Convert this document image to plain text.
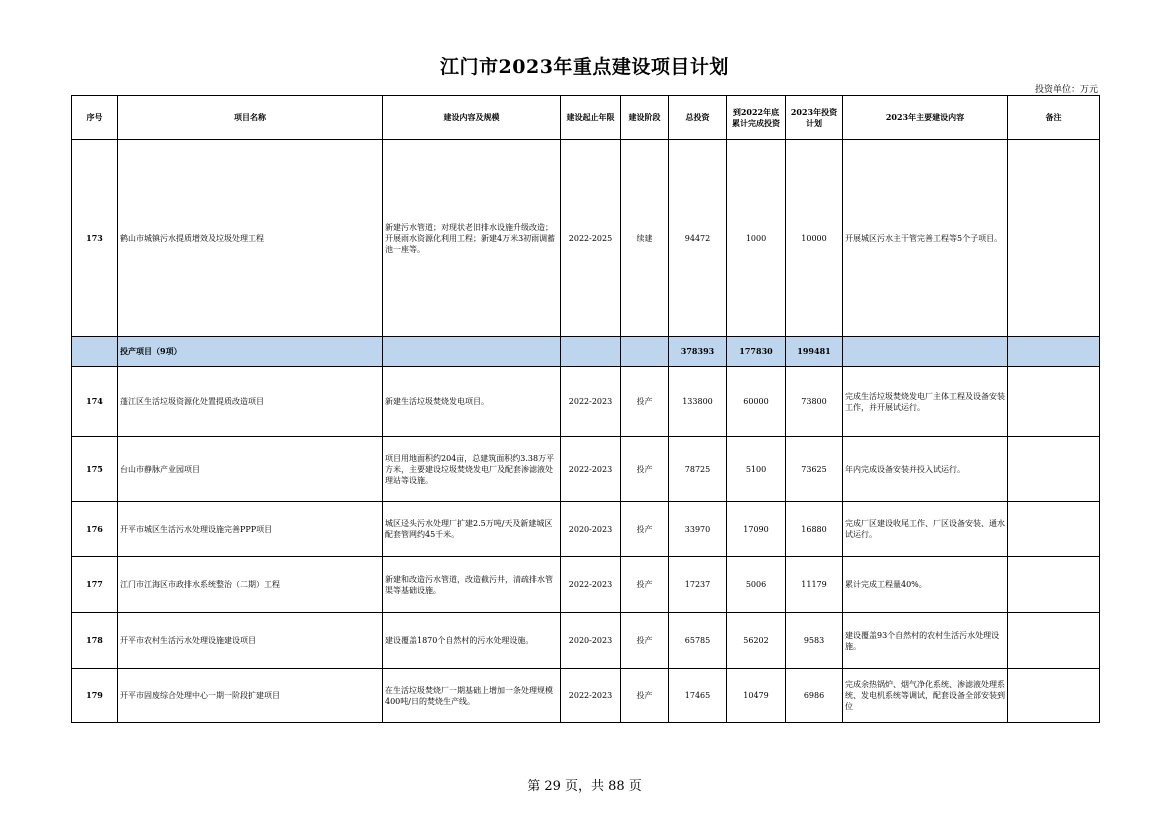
江门市2023年重点建设项目计划
投资单位：万元
序号	项目名称	建设内容及规模	建设起止年限	建设阶段	总投资	到2022年底累计完成投资	2023年投资计划	2023年主要建设内容	备注
173	鹤山市城镇污水提质增效及垃圾处理工程	新建污水管道；对现状老旧排水设施升级改造；开展雨水资源化利用工程；新建4万米3初雨调蓄池一座等。	2022-2025	续建	94472	1000	10000	开展城区污水主干管完善工程等5个子项目。	
	投产项目（9项）				378393	177830	199481		
174	蓬江区生活垃圾资源化处置提质改造项目	新建生活垃圾焚烧发电项目。	2022-2023	投产	133800	60000	73800	完成生活垃圾焚烧发电厂主体工程及设备安装工作，并开展试运行。	
175	台山市静脉产业园项目	项目用地面积约204亩，总建筑面积约3.38万平方米，主要建设垃圾焚烧发电厂及配套渗滤液处理站等设施。	2022-2023	投产	78725	5100	73625	年内完成设备安装并投入试运行。	
176	开平市城区生活污水处理设施完善PPP项目	城区迳头污水处理厂扩建2.5万吨/天及新建城区配套管网约45千米。	2020-2023	投产	33970	17090	16880	完成厂区建设收尾工作、厂区设备安装、通水试运行。	
177	江门市江海区市政排水系统整治（二期）工程	新建和改造污水管道，改造截污井，清疏排水管渠等基础设施。	2022-2023	投产	17237	5006	11179	累计完成工程量40%。	
178	开平市农村生活污水处理设施建设项目	建设覆盖1870个自然村的污水处理设施。	2020-2023	投产	65785	56202	9583	建设覆盖93个自然村的农村生活污水处理设施。	
179	开平市固废综合处理中心一期一阶段扩建项目	在生活垃圾焚烧厂一期基础上增加一条处理规模400吨/日的焚烧生产线。	2022-2023	投产	17465	10479	6986	完成余热锅炉、烟气净化系统、渗滤液处理系统、发电机系统等调试，配套设备全部安装到位	
第 29 页，共 88 页
